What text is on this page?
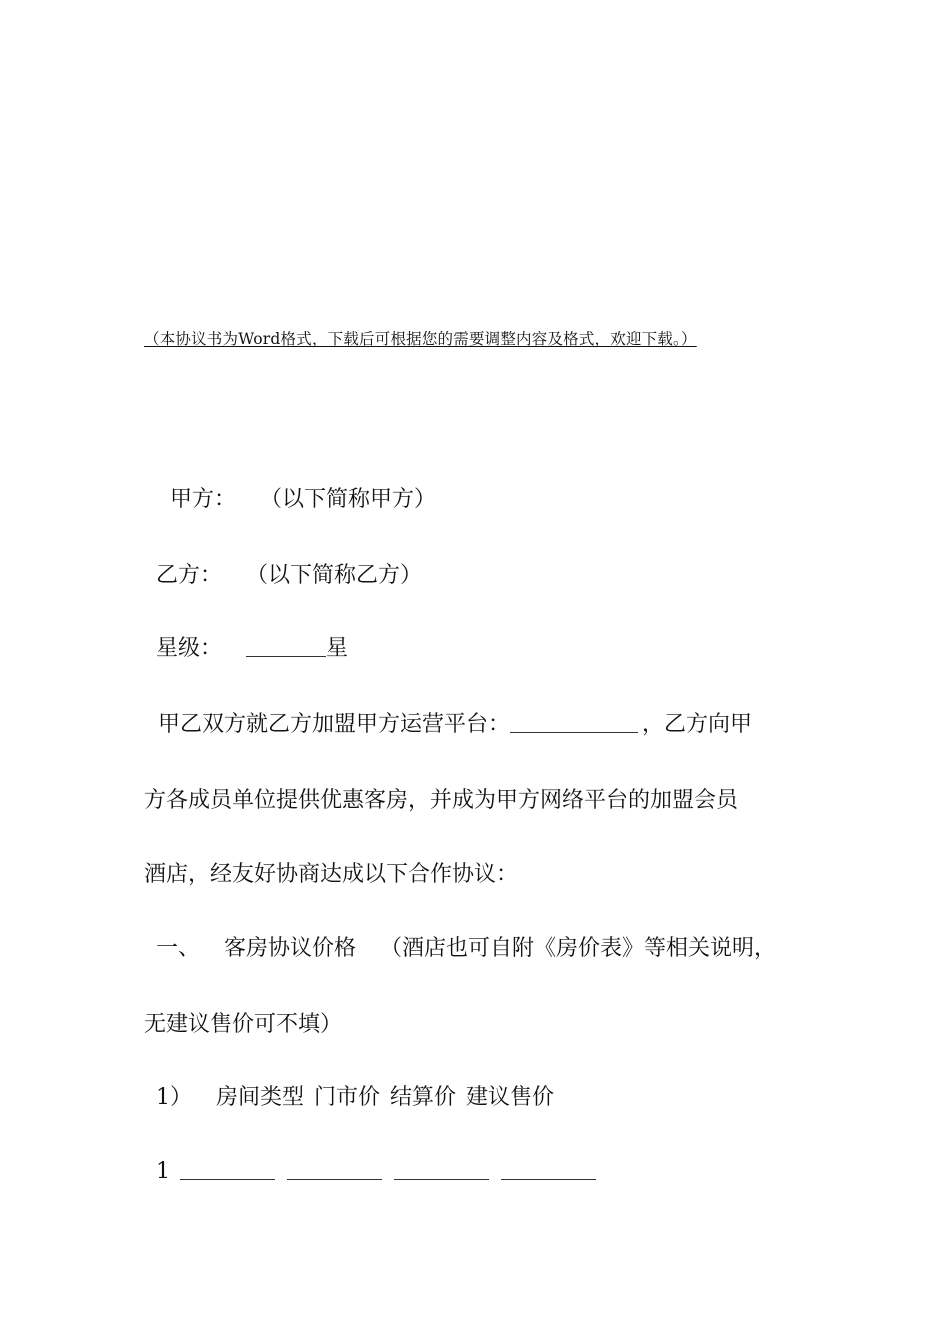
（本协议书为Word格式，下载后可根据您的需要调整内容及格式，欢迎下载。）
甲方： （以下简称甲方）
乙方： （以下简称乙方）
星级：	星
甲乙双方就乙方加盟甲方运营平台：	，乙方向甲
方各成员单位提供优惠客房，并成为甲方网络平台的加盟会员
酒店，经友好协商达成以下合作协议：
一、 客房协议价格 （酒店也可自附《房价表》等相关说明，
无建议售价可不填）
1） 房间类型 门市价 结算价 建议售价
1
